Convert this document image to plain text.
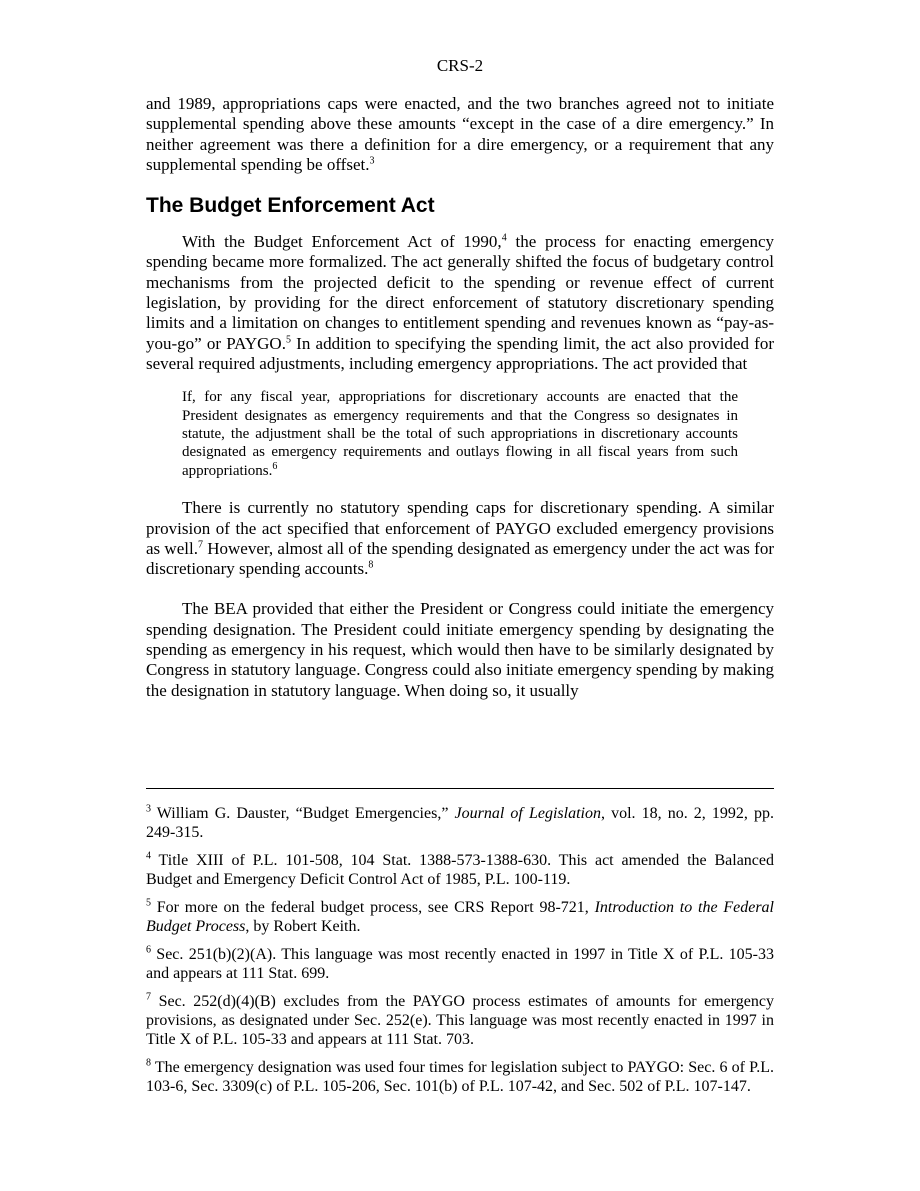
CRS-2

and 1989, appropriations caps were enacted, and the two branches agreed not to initiate supplemental spending above these amounts “except in the case of a dire emergency.” In neither agreement was there a definition for a dire emergency, or a requirement that any supplemental spending be offset.$^3$

The Budget Enforcement Act

With the Budget Enforcement Act of 1990,$^4$ the process for enacting emergency spending became more formalized. The act generally shifted the focus of budgetary control mechanisms from the projected deficit to the spending or revenue effect of current legislation, by providing for the direct enforcement of statutory discretionary spending limits and a limitation on changes to entitlement spending and revenues known as “pay-as-you-go” or PAYGO.$^5$ In addition to specifying the spending limit, the act also provided for several required adjustments, including emergency appropriations. The act provided that

If, for any fiscal year, appropriations for discretionary accounts are enacted that the President designates as emergency requirements and that the Congress so designates in statute, the adjustment shall be the total of such appropriations in discretionary accounts designated as emergency requirements and outlays flowing in all fiscal years from such appropriations.$^6$

There is currently no statutory spending caps for discretionary spending. A similar provision of the act specified that enforcement of PAYGO excluded emergency provisions as well.$^7$ However, almost all of the spending designated as emergency under the act was for discretionary spending accounts.$^8$

The BEA provided that either the President or Congress could initiate the emergency spending designation. The President could initiate emergency spending by designating the spending as emergency in his request, which would then have to be similarly designated by Congress in statutory language. Congress could also initiate emergency spending by making the designation in statutory language. When doing so, it usually

$^3$ William G. Dauster, “Budget Emergencies,” Journal of Legislation, vol. 18, no. 2, 1992, pp. 249-315.

$^4$ Title XIII of P.L. 101-508, 104 Stat. 1388-573-1388-630. This act amended the Balanced Budget and Emergency Deficit Control Act of 1985, P.L. 100-119.

$^5$ For more on the federal budget process, see CRS Report 98-721, Introduction to the Federal Budget Process, by Robert Keith.

$^6$ Sec. 251(b)(2)(A). This language was most recently enacted in 1997 in Title X of P.L. 105-33 and appears at 111 Stat. 699.

$^7$ Sec. 252(d)(4)(B) excludes from the PAYGO process estimates of amounts for emergency provisions, as designated under Sec. 252(e). This language was most recently enacted in 1997 in Title X of P.L. 105-33 and appears at 111 Stat. 703.

$^8$ The emergency designation was used four times for legislation subject to PAYGO: Sec. 6 of P.L. 103-6, Sec. 3309(c) of P.L. 105-206, Sec. 101(b) of P.L. 107-42, and Sec. 502 of P.L. 107-147.
